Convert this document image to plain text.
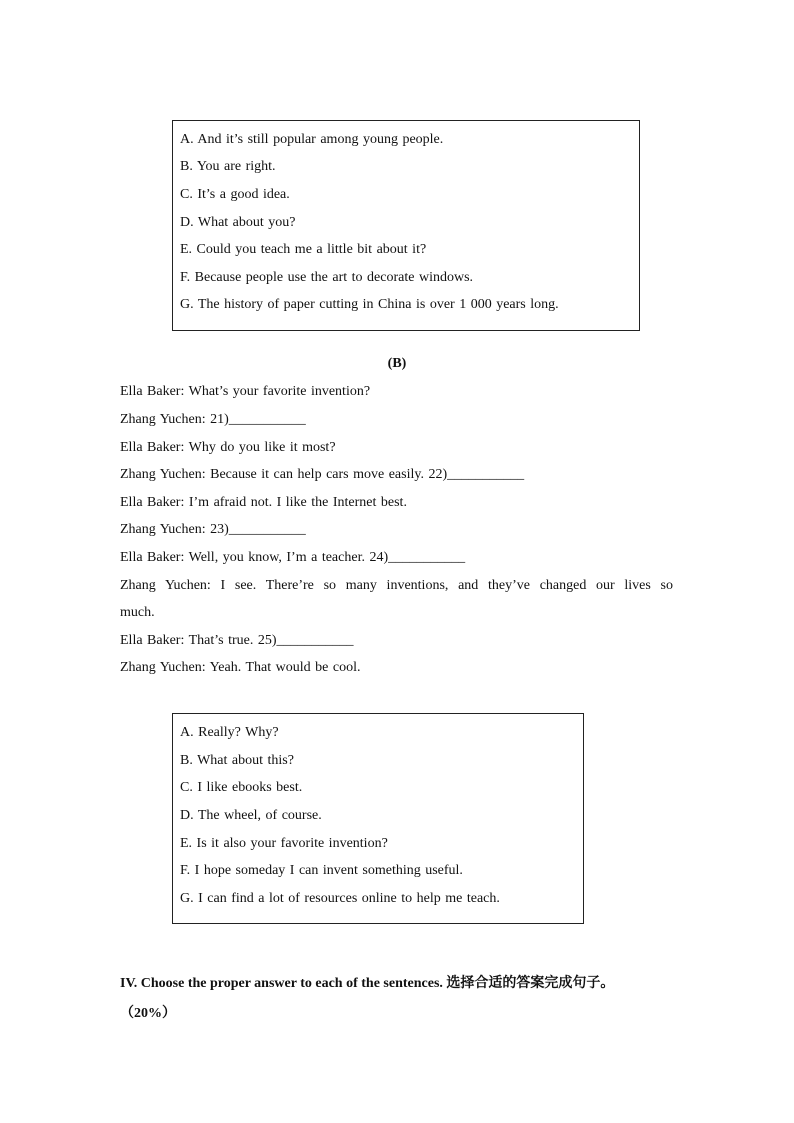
A. And it’s still popular among young people.
B. You are right.
C. It’s a good idea.
D. What about you?
E. Could you teach me a little bit about it?
F. Because people use the art to decorate windows.
G. The history of paper cutting in China is over 1 000 years long.
(B)
Ella Baker: What’s your favorite invention?
Zhang Yuchen: 21)___________
Ella Baker: Why do you like it most?
Zhang Yuchen: Because it can help cars move easily. 22)___________
Ella Baker: I’m afraid not. I like the Internet best.
Zhang Yuchen: 23)___________
Ella Baker: Well, you know, I’m a teacher. 24)___________
Zhang Yuchen: I see. There’re so many inventions, and they’ve changed our lives so
much.
Ella Baker: That’s true. 25)___________
Zhang Yuchen: Yeah. That would be cool.
A. Really? Why?
B. What about this?
C. I like ebooks best.
D. The wheel, of course.
E. Is it also your favorite invention?
F. I hope someday I can invent something useful.
G. I can find a lot of resources online to help me teach.
IV. Choose the proper answer to each of the sentences. 选择合适的答案完成句子。
（20%）
